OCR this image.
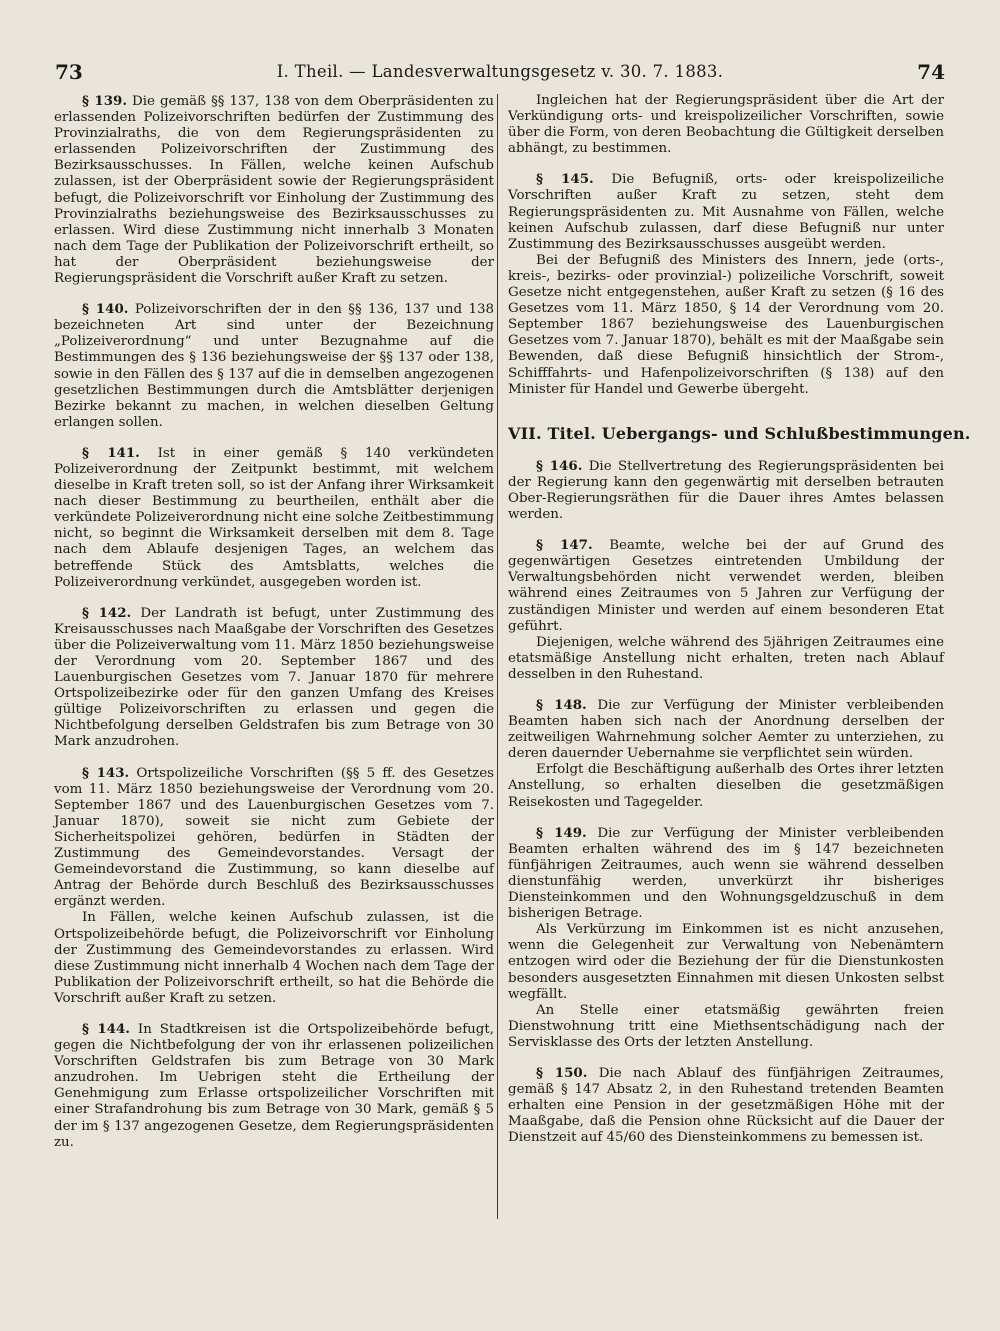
73	I. Theil. — Landesverwaltungsgesetz v. 30. 7. 1883.	74

§ 139. Die gemäß §§ 137, 138 von dem Oberpräsidenten zu erlassenden Polizeivorschriften bedürfen der Zustimmung des Provinzialraths, die von dem Regierungspräsidenten zu erlassenden Polizeivorschriften der Zustimmung des Bezirksausschusses. In Fällen, welche keinen Aufschub zulassen, ist der Oberpräsident sowie der Regierungspräsident befugt, die Polizeivorschrift vor Einholung der Zustimmung des Provinzialraths beziehungsweise des Bezirksausschusses zu erlassen. Wird diese Zustimmung nicht innerhalb 3 Monaten nach dem Tage der Publikation der Polizeivorschrift ertheilt, so hat der Oberpräsident beziehungsweise der Regierungspräsident die Vorschrift außer Kraft zu setzen.

§ 140. Polizeivorschriften der in den §§ 136, 137 und 138 bezeichneten Art sind unter der Bezeichnung „Polizeiverordnung“ und unter Bezugnahme auf die Bestimmungen des § 136 beziehungsweise der §§ 137 oder 138, sowie in den Fällen des § 137 auf die in demselben angezogenen gesetzlichen Bestimmungen durch die Amtsblätter derjenigen Bezirke bekannt zu machen, in welchen dieselben Geltung erlangen sollen.

§ 141. Ist in einer gemäß § 140 verkündeten Polizeiverordnung der Zeitpunkt bestimmt, mit welchem dieselbe in Kraft treten soll, so ist der Anfang ihrer Wirksamkeit nach dieser Bestimmung zu beurtheilen, enthält aber die verkündete Polizeiverordnung nicht eine solche Zeitbestimmung nicht, so beginnt die Wirksamkeit derselben mit dem 8. Tage nach dem Ablaufe desjenigen Tages, an welchem das betreffende Stück des Amtsblatts, welches die Polizeiverordnung verkündet, ausgegeben worden ist.

§ 142. Der Landrath ist befugt, unter Zustimmung des Kreisausschusses nach Maaßgabe der Vorschriften des Gesetzes über die Polizeiverwaltung vom 11. März 1850 beziehungsweise der Verordnung vom 20. September 1867 und des Lauenburgischen Gesetzes vom 7. Januar 1870 für mehrere Ortspolizeibezirke oder für den ganzen Umfang des Kreises gültige Polizeivorschriften zu erlassen und gegen die Nichtbefolgung derselben Geldstrafen bis zum Betrage von 30 Mark anzudrohen.

§ 143. Ortspolizeiliche Vorschriften (§§ 5 ff. des Gesetzes vom 11. März 1850 beziehungsweise der Verordnung vom 20. September 1867 und des Lauenburgischen Gesetzes vom 7. Januar 1870), soweit sie nicht zum Gebiete der Sicherheitspolizei gehören, bedürfen in Städten der Zustimmung des Gemeindevorstandes. Versagt der Gemeindevorstand die Zustimmung, so kann dieselbe auf Antrag der Behörde durch Beschluß des Bezirksausschusses ergänzt werden.

In Fällen, welche keinen Aufschub zulassen, ist die Ortspolizeibehörde befugt, die Polizeivorschrift vor Einholung der Zustimmung des Gemeindevorstandes zu erlassen. Wird diese Zustimmung nicht innerhalb 4 Wochen nach dem Tage der Publikation der Polizeivorschrift ertheilt, so hat die Behörde die Vorschrift außer Kraft zu setzen.

§ 144. In Stadtkreisen ist die Ortspolizeibehörde befugt, gegen die Nichtbefolgung der von ihr erlassenen polizeilichen Vorschriften Geldstrafen bis zum Betrage von 30 Mark anzudrohen. Im Uebrigen steht die Ertheilung der Genehmigung zum Erlasse ortspolizeilicher Vorschriften mit einer Strafandrohung bis zum Betrage von 30 Mark, gemäß § 5 der im § 137 angezogenen Gesetze, dem Regierungspräsidenten zu.

Ingleichen hat der Regierungspräsident über die Art der Verkündigung orts- und kreispolizeilicher Vorschriften, sowie über die Form, von deren Beobachtung die Gültigkeit derselben abhängt, zu bestimmen.

§ 145. Die Befugniß, orts- oder kreispolizeiliche Vorschriften außer Kraft zu setzen, steht dem Regierungspräsidenten zu. Mit Ausnahme von Fällen, welche keinen Aufschub zulassen, darf diese Befugniß nur unter Zustimmung des Bezirksausschusses ausgeübt werden.

Bei der Befugniß des Ministers des Innern, jede (orts-, kreis-, bezirks- oder provinzial-) polizeiliche Vorschrift, soweit Gesetze nicht entgegenstehen, außer Kraft zu setzen (§ 16 des Gesetzes vom 11. März 1850, § 14 der Verordnung vom 20. September 1867 beziehungsweise des Lauenburgischen Gesetzes vom 7. Januar 1870), behält es mit der Maaßgabe sein Bewenden, daß diese Befugniß hinsichtlich der Strom-, Schifffahrts- und Hafenpolizeivorschriften (§ 138) auf den Minister für Handel und Gewerbe übergeht.

VII. Titel. Uebergangs- und Schlußbestimmungen.

§ 146. Die Stellvertretung des Regierungspräsidenten bei der Regierung kann den gegenwärtig mit derselben betrauten Ober-Regierungsräthen für die Dauer ihres Amtes belassen werden.

§ 147. Beamte, welche bei der auf Grund des gegenwärtigen Gesetzes eintretenden Umbildung der Verwaltungsbehörden nicht verwendet werden, bleiben während eines Zeitraumes von 5 Jahren zur Verfügung der zuständigen Minister und werden auf einem besonderen Etat geführt.

Diejenigen, welche während des 5jährigen Zeitraumes eine etatsmäßige Anstellung nicht erhalten, treten nach Ablauf desselben in den Ruhestand.

§ 148. Die zur Verfügung der Minister verbleibenden Beamten haben sich nach der Anordnung derselben der zeitweiligen Wahrnehmung solcher Aemter zu unterziehen, zu deren dauernder Uebernahme sie verpflichtet sein würden.

Erfolgt die Beschäftigung außerhalb des Ortes ihrer letzten Anstellung, so erhalten dieselben die gesetzmäßigen Reisekosten und Tagegelder.

§ 149. Die zur Verfügung der Minister verbleibenden Beamten erhalten während des im § 147 bezeichneten fünfjährigen Zeitraumes, auch wenn sie während desselben dienstunfähig werden, unverkürzt ihr bisheriges Diensteinkommen und den Wohnungsgeldzuschuß in dem bisherigen Betrage.

Als Verkürzung im Einkommen ist es nicht anzusehen, wenn die Gelegenheit zur Verwaltung von Nebenämtern entzogen wird oder die Beziehung der für die Dienstunkosten besonders ausgesetzten Einnahmen mit diesen Unkosten selbst wegfällt.

An Stelle einer etatsmäßig gewährten freien Dienstwohnung tritt eine Miethsentschädigung nach der Servisklasse des Orts der letzten Anstellung.

§ 150. Die nach Ablauf des fünfjährigen Zeitraumes, gemäß § 147 Absatz 2, in den Ruhestand tretenden Beamten erhalten eine Pension in der gesetzmäßigen Höhe mit der Maaßgabe, daß die Pension ohne Rücksicht auf die Dauer der Dienstzeit auf 45/60 des Diensteinkommens zu bemessen ist.
